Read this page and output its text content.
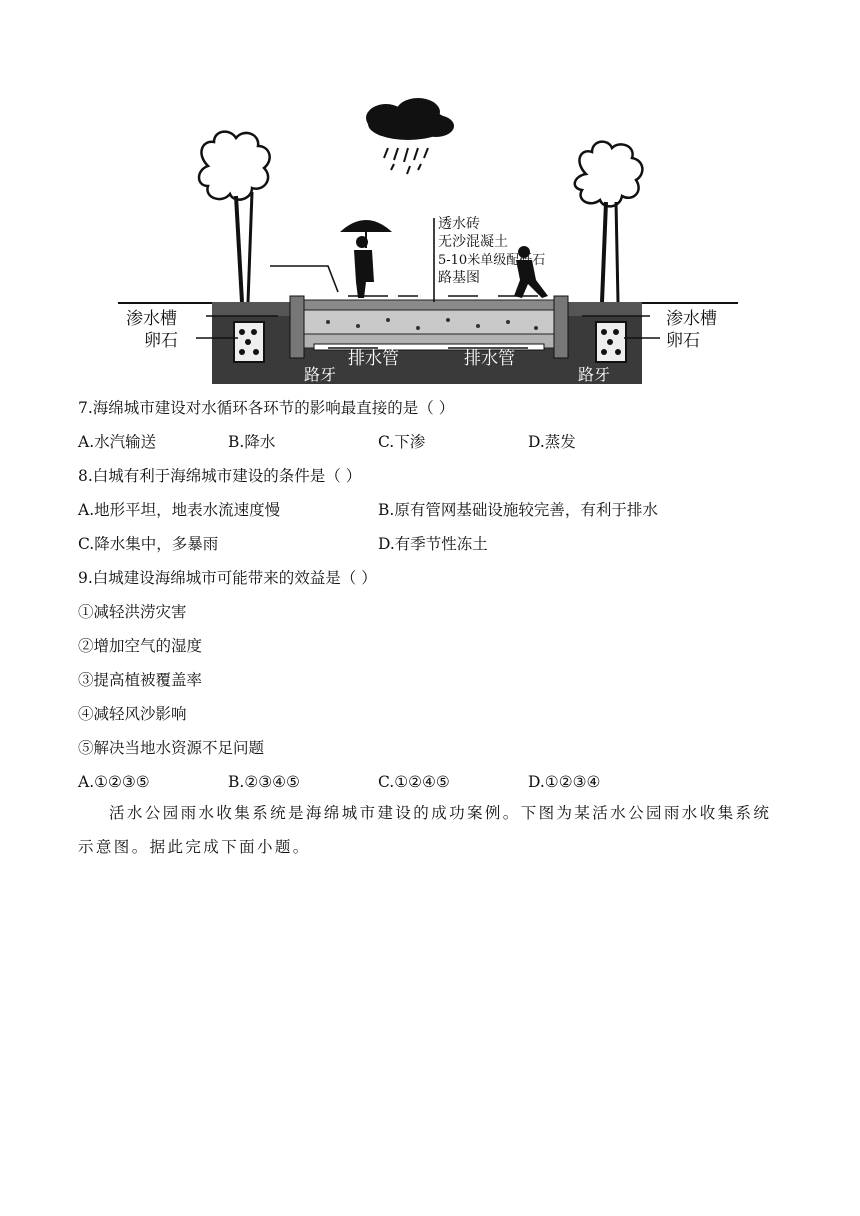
透水砖
无沙混凝土
5-10米单级配砾石
路基图
渗水槽
卵石
渗水槽
卵石
排水管	排水管
路牙	路牙
7.海绵城市建设对水循环各环节的影响最直接的是（ ）
A.水汽输送	B.降水	C.下渗	D.蒸发
8.白城有利于海绵城市建设的条件是（ ）
A.地形平坦，地表水流速度慢	B.原有管网基础设施较完善，有利于排水
C.降水集中，多暴雨	D.有季节性冻土
9.白城建设海绵城市可能带来的效益是（ ）
①减轻洪涝灾害
②增加空气的湿度
③提高植被覆盖率
④减轻风沙影响
⑤解决当地水资源不足问题
A.①②③⑤	B.②③④⑤	C.①②④⑤	D.①②③④
活水公园雨水收集系统是海绵城市建设的成功案例。下图为某活水公园雨水收集系统示意图。据此完成下面小题。
